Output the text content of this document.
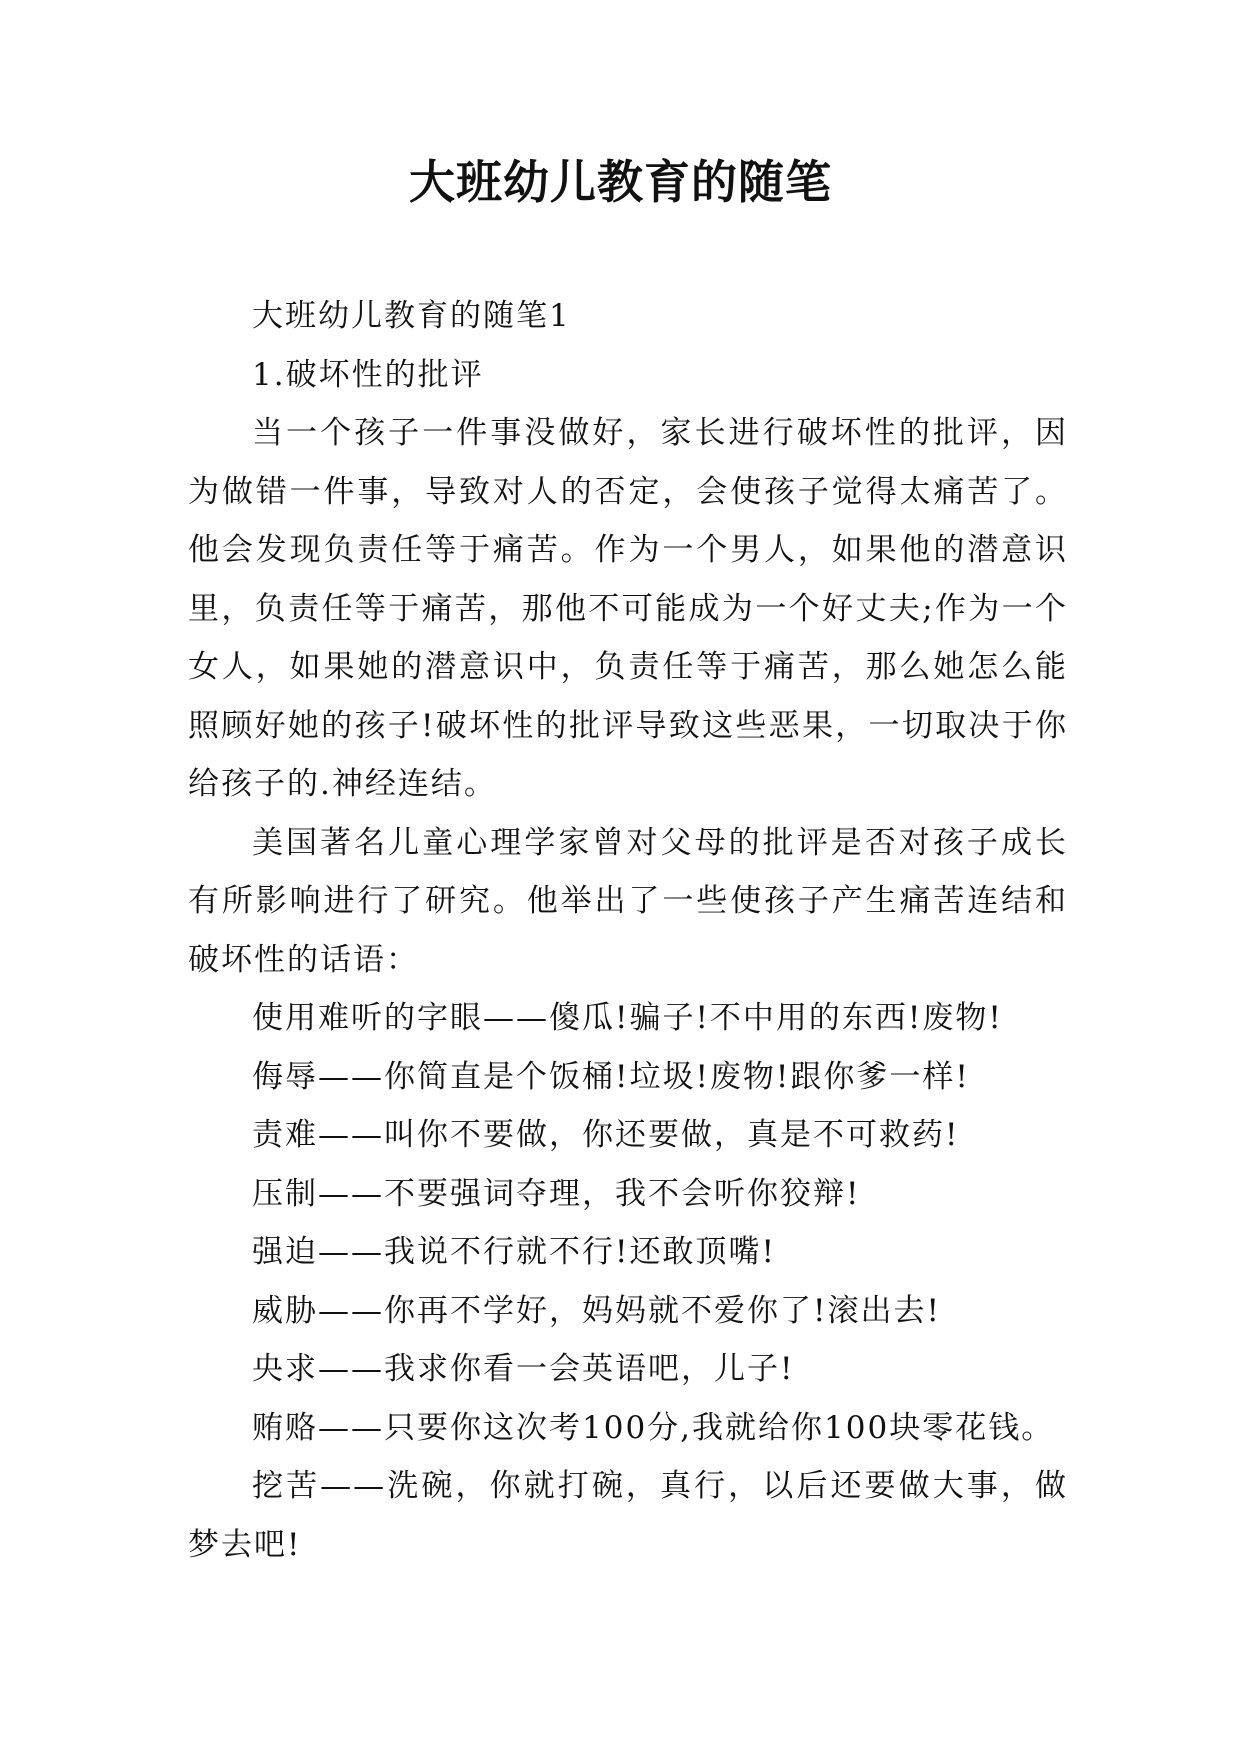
大班幼儿教育的随笔

大班幼儿教育的随笔1

1.破坏性的批评

当一个孩子一件事没做好，家长进行破坏性的批评，因为做错一件事，导致对人的否定，会使孩子觉得太痛苦了。他会发现负责任等于痛苦。作为一个男人，如果他的潜意识里，负责任等于痛苦，那他不可能成为一个好丈夫;作为一个女人，如果她的潜意识中，负责任等于痛苦，那么她怎么能照顾好她的孩子!破坏性的批评导致这些恶果，一切取决于你给孩子的.神经连结。

美国著名儿童心理学家曾对父母的批评是否对孩子成长有所影响进行了研究。他举出了一些使孩子产生痛苦连结和破坏性的话语：

使用难听的字眼——傻瓜!骗子!不中用的东西!废物!

侮辱——你简直是个饭桶!垃圾!废物!跟你爹一样!

责难——叫你不要做，你还要做，真是不可救药!

压制——不要强词夺理，我不会听你狡辩!

强迫——我说不行就不行!还敢顶嘴!

威胁——你再不学好，妈妈就不爱你了!滚出去!

央求——我求你看一会英语吧，儿子!

贿赂——只要你这次考100分,我就给你100块零花钱。

挖苦——洗碗，你就打碗，真行，以后还要做大事，做梦去吧!
